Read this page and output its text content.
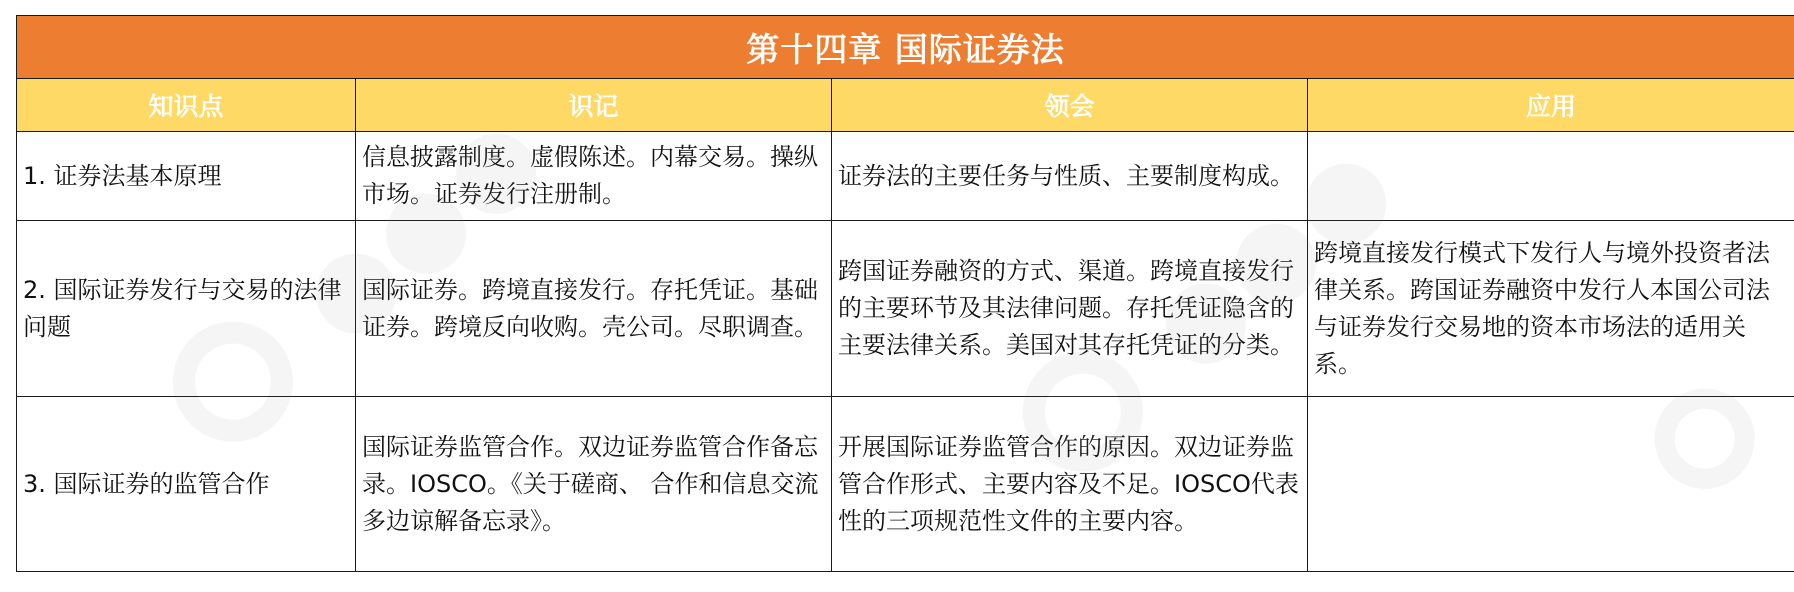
第十四章 国际证券法			
知识点	识记	领会	应用
1. 证券法基本原理	信息披露制度。虚假陈述。内幕交易。操纵市场。证券发行注册制。	证券法的主要任务与性质、主要制度构成。	
2. 国际证券发行与交易的法律问题	国际证券。跨境直接发行。存托凭证。基础证券。跨境反向收购。壳公司。尽职调查。	跨国证券融资的方式、渠道。跨境直接发行的主要环节及其法律问题。存托凭证隐含的主要法律关系。美国对其存托凭证的分类。	跨境直接发行模式下发行人与境外投资者法律关系。跨国证券融资中发行人本国公司法与证券发行交易地的资本市场法的适用关系。
3. 国际证券的监管合作	国际证券监管合作。双边证券监管合作备忘录。IOSCO。《关于磋商、 合作和信息交流多边谅解备忘录》。	开展国际证券监管合作的原因。双边证券监管合作形式、主要内容及不足。IOSCO代表性的三项规范性文件的主要内容。	
